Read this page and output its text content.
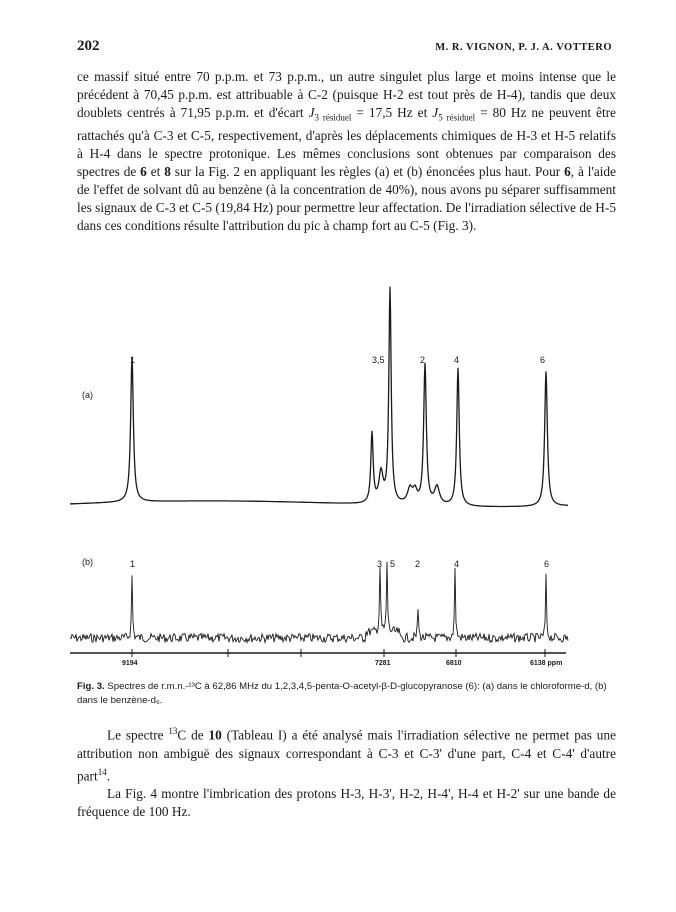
202	M. R. VIGNON, P. J. A. VOTTERO

ce massif situé entre 70 p.p.m. et 73 p.p.m., un autre singulet plus large et moins intense que le précédent à 70,45 p.p.m. est attribuable à C-2 (puisque H-2 est tout près de H-4), tandis que deux doublets centrés à 71,95 p.p.m. et d'écart $J_{3 résiduel} = 17,5$ Hz et $J_{5 résiduel} = 80$ Hz ne peuvent être rattachés qu'à C-3 et C-5, respectivement, d'après les déplacements chimiques de H-3 et H-5 relatifs à H-4 dans le spectre protonique. Les mêmes conclusions sont obtenues par comparaison des spectres de 6 et 8 sur la Fig. 2 en appliquant les règles (a) et (b) énoncées plus haut. Pour 6, à l'aide de l'effet de solvant dû au benzène (à la concentration de 40%), nous avons pu séparer suffisamment les signaux de C-3 et C-5 (19,84 Hz) pour permettre leur affectation. De l'irradiation sélective de H-5 dans ces conditions résulte l'attribution du pic à champ fort au C-5 (Fig. 3).

(a)
1	3,5	2	4	6
(b)	1	3 5 2	4	6
9194	7281	6810	6138 ppm
Fig. 3. Spectres de r.m.n.-¹³C à 62,86 MHz du 1,2,3,4,5-penta-O-acetyl-β-D-glucopyranose (6): (a) dans le chloroforme-d, (b) dans le benzène-d₆.

Le spectre $^{13}$C de 10 (Tableau I) a été analysé mais l'irradiation sélective ne permet pas une attribution non ambiguë des signaux correspondant à C-3 et C-3' d'une part, C-4 et C-4' d'autre part$^{14}$.

La Fig. 4 montre l'imbrication des protons H-3, H-3', H-2, H-4', H-4 et H-2' sur une bande de fréquence de 100 Hz.
